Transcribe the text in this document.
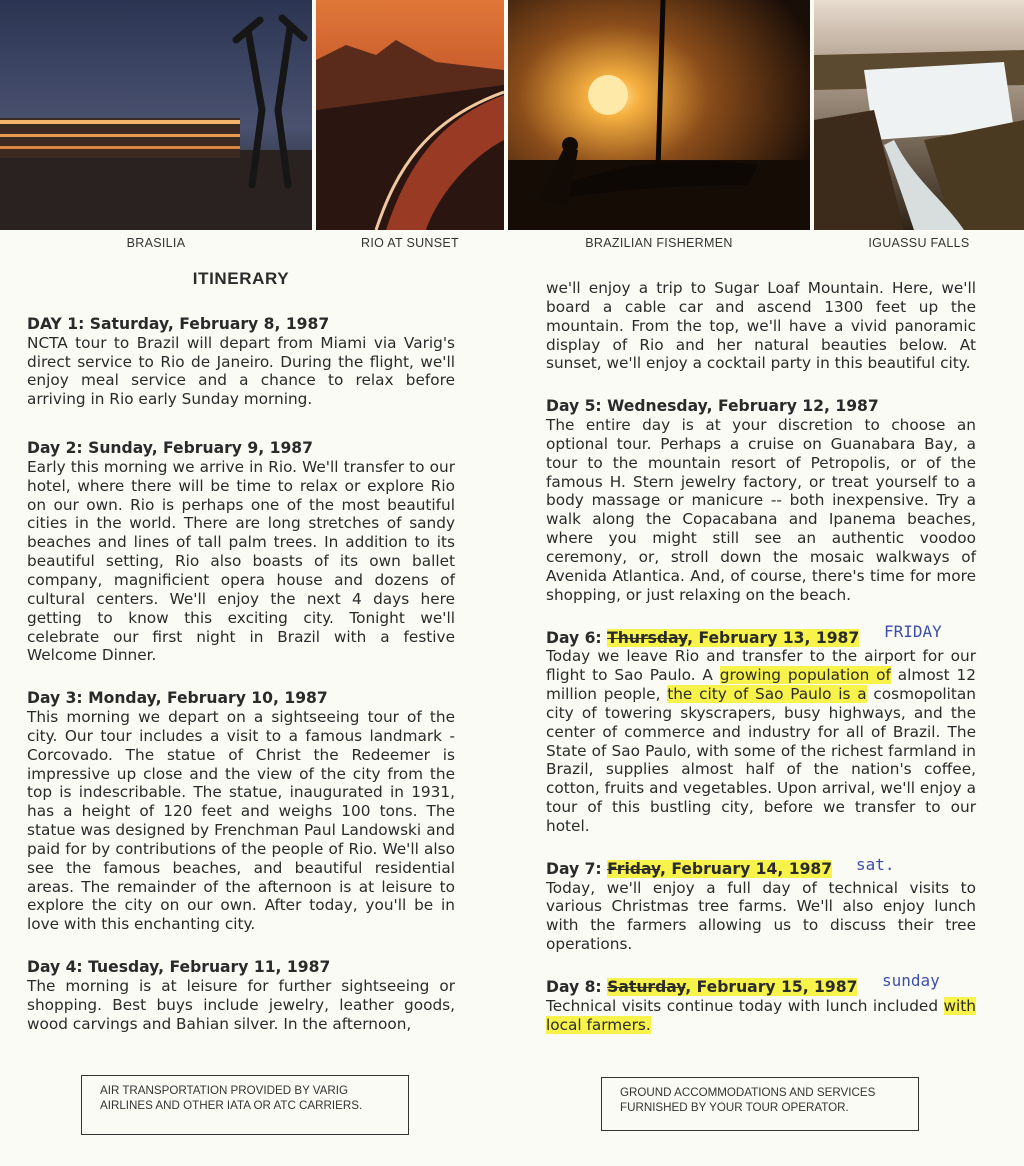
BRASILIA	RIO AT SUNSET	BRAZILIAN FISHERMEN	IGUASSU FALLS
ITINERARY
DAY 1: Saturday, February 8, 1987
NCTA tour to Brazil will depart from Miami via Varig's direct service to Rio de Janeiro. During the flight, we'll enjoy meal service and a chance to relax before arriving in Rio early Sunday morning.
Day 2: Sunday, February 9, 1987
Early this morning we arrive in Rio. We'll transfer to our hotel, where there will be time to relax or explore Rio on our own. Rio is perhaps one of the most beautiful cities in the world. There are long stretches of sandy beaches and lines of tall palm trees. In addition to its beautiful setting, Rio also boasts of its own ballet company, magnificient opera house and dozens of cultural centers. We'll enjoy the next 4 days here getting to know this exciting city. Tonight we'll celebrate our first night in Brazil with a festive Welcome Dinner.
Day 3: Monday, February 10, 1987
This morning we depart on a sightseeing tour of the city. Our tour includes a visit to a famous landmark -Corcovado. The statue of Christ the Redeemer is impressive up close and the view of the city from the top is indescribable. The statue, inaugurated in 1931, has a height of 120 feet and weighs 100 tons. The statue was designed by Frenchman Paul Landowski and paid for by contributions of the people of Rio. We'll also see the famous beaches, and beautiful residential areas. The remainder of the afternoon is at leisure to explore the city on our own. After today, you'll be in love with this enchanting city.
Day 4: Tuesday, February 11, 1987
The morning is at leisure for further sightseeing or shopping. Best buys include jewelry, leather goods, wood carvings and Bahian silver. In the afternoon,
we'll enjoy a trip to Sugar Loaf Mountain. Here, we'll board a cable car and ascend 1300 feet up the mountain. From the top, we'll have a vivid panoramic display of Rio and her natural beauties below. At sunset, we'll enjoy a cocktail party in this beautiful city.
Day 5: Wednesday, February 12, 1987
The entire day is at your discretion to choose an optional tour. Perhaps a cruise on Guanabara Bay, a tour to the mountain resort of Petropolis, or of the famous H. Stern jewelry factory, or treat yourself to a body massage or manicure -- both inexpensive. Try a walk along the Copacabana and Ipanema beaches, where you might still see an authentic voodoo ceremony, or, stroll down the mosaic walkways of Avenida Atlantica. And, of course, there's time for more shopping, or just relaxing on the beach.
Day 6: Thursday, February 13, 1987 FRIDAY
Today we leave Rio and transfer to the airport for our flight to Sao Paulo. A growing population of almost 12 million people, the city of Sao Paulo is a cosmopolitan city of towering skyscrapers, busy highways, and the center of commerce and industry for all of Brazil. The State of Sao Paulo, with some of the richest farmland in Brazil, supplies almost half of the nation's coffee, cotton, fruits and vegetables. Upon arrival, we'll enjoy a tour of this bustling city, before we transfer to our hotel.
Day 7: Friday, February 14, 1987 sat.
Today, we'll enjoy a full day of technical visits to various Christmas tree farms. We'll also enjoy lunch with the farmers allowing us to discuss their tree operations.
Day 8: Saturday, February 15, 1987 sunday
Technical visits continue today with lunch included with local farmers.
AIR TRANSPORTATION PROVIDED BY VARIG AIRLINES AND OTHER IATA OR ATC CARRIERS.
GROUND ACCOMMODATIONS AND SERVICES FURNISHED BY YOUR TOUR OPERATOR.
